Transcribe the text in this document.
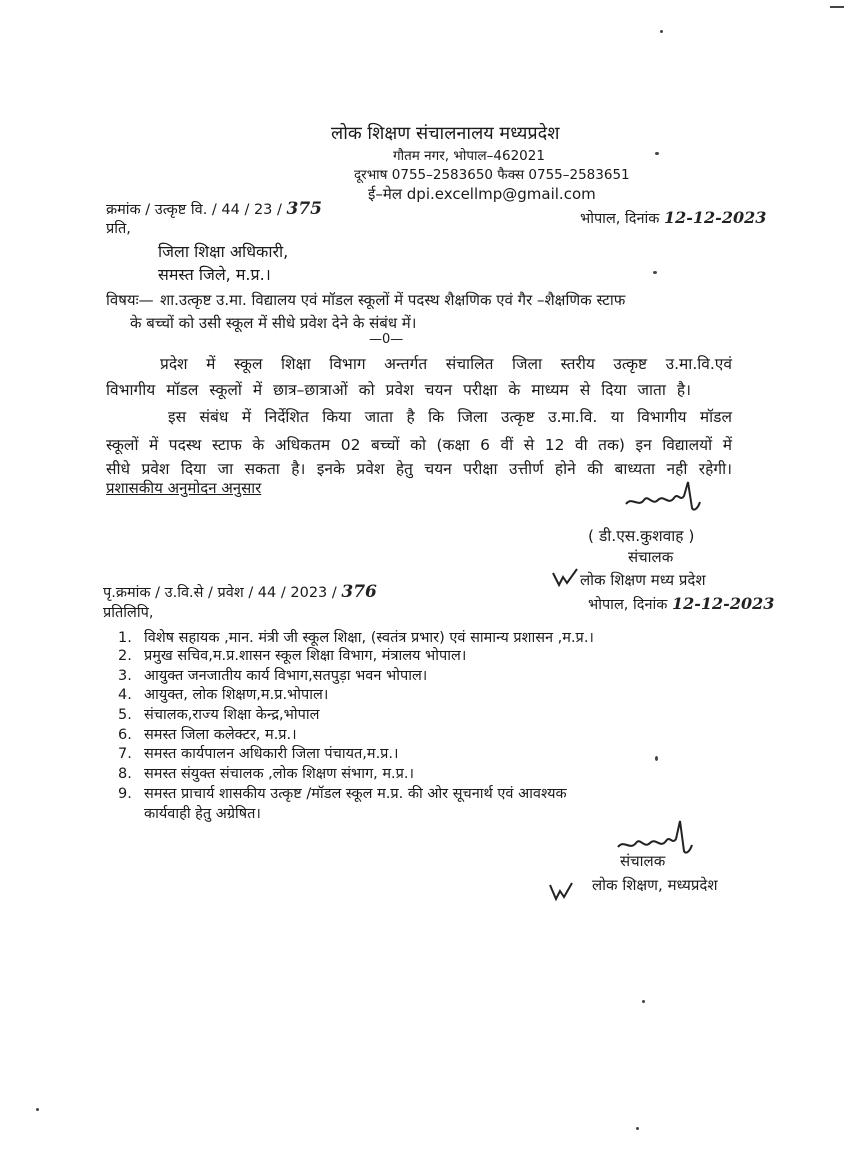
लोक शिक्षण संचालनालय मध्यप्रदेश
गौतम नगर, भोपाल–462021
दूरभाष 0755–2583650 फैक्स 0755–2583651
ई–मेल dpi.excellmp@gmail.com
क्रमांक / उत्कृष्ट वि. / 44 / 23 / 375	भोपाल, दिनांक 12-12-2023
प्रति,
जिला शिक्षा अधिकारी,
समस्त जिले, म.प्र.।
विषयः— शा.उत्कृष्ट उ.मा. विद्यालय एवं मॉडल स्कूलों में पदस्थ शैक्षणिक एवं गैर –शैक्षणिक स्टाफ
के बच्चों को उसी स्कूल में सीधे प्रवेश देने के संबंध में।
—0—
प्रदेश में स्कूल शिक्षा विभाग अन्तर्गत संचालित जिला स्तरीय उत्कृष्ट उ.मा.वि.एवं
विभागीय मॉडल स्कूलों में छात्र–छात्राओं को प्रवेश चयन परीक्षा के माध्यम से दिया जाता है।
इस संबंध में निर्देशित किया जाता है कि जिला उत्कृष्ट उ.मा.वि. या विभागीय मॉडल
स्कूलों में पदस्थ स्टाफ के अधिकतम 02 बच्चों को (कक्षा 6 वीं से 12 वी तक) इन विद्यालयों में
सीधे प्रवेश दिया जा सकता है। इनके प्रवेश हेतु चयन परीक्षा उत्तीर्ण होने की बाध्यता नही रहेगी।
प्रशासकीय अनुमोदन अनुसार
( डी.एस.कुशवाह )
संचालक
लोक शिक्षण मध्य प्रदेश
पृ.क्रमांक / उ.वि.से / प्रवेश / 44 / 2023 / 376
भोपाल, दिनांक 12-12-2023
प्रतिलिपि,
1. विशेष सहायक ,मान. मंत्री जी स्कूल शिक्षा, (स्वतंत्र प्रभार) एवं सामान्य प्रशासन ,म.प्र.।
2. प्रमुख सचिव,म.प्र.शासन स्कूल शिक्षा विभाग, मंत्रालय भोपाल।
3. आयुक्त जनजातीय कार्य विभाग,सतपुड़ा भवन भोपाल।
4. आयुक्त, लोक शिक्षण,म.प्र.भोपाल।
5. संचालक,राज्य शिक्षा केन्द्र,भोपाल
6. समस्त जिला कलेक्टर, म.प्र.।
7. समस्त कार्यपालन अधिकारी जिला पंचायत,म.प्र.।
8. समस्त संयुक्त संचालक ,लोक शिक्षण संभाग, म.प्र.।
9. समस्त प्राचार्य शासकीय उत्कृष्ट /मॉडल स्कूल म.प्र. की ओर सूचनार्थ एवं आवश्यक
कार्यवाही हेतु अग्रेषित।
संचालक
लोक शिक्षण, मध्यप्रदेश
